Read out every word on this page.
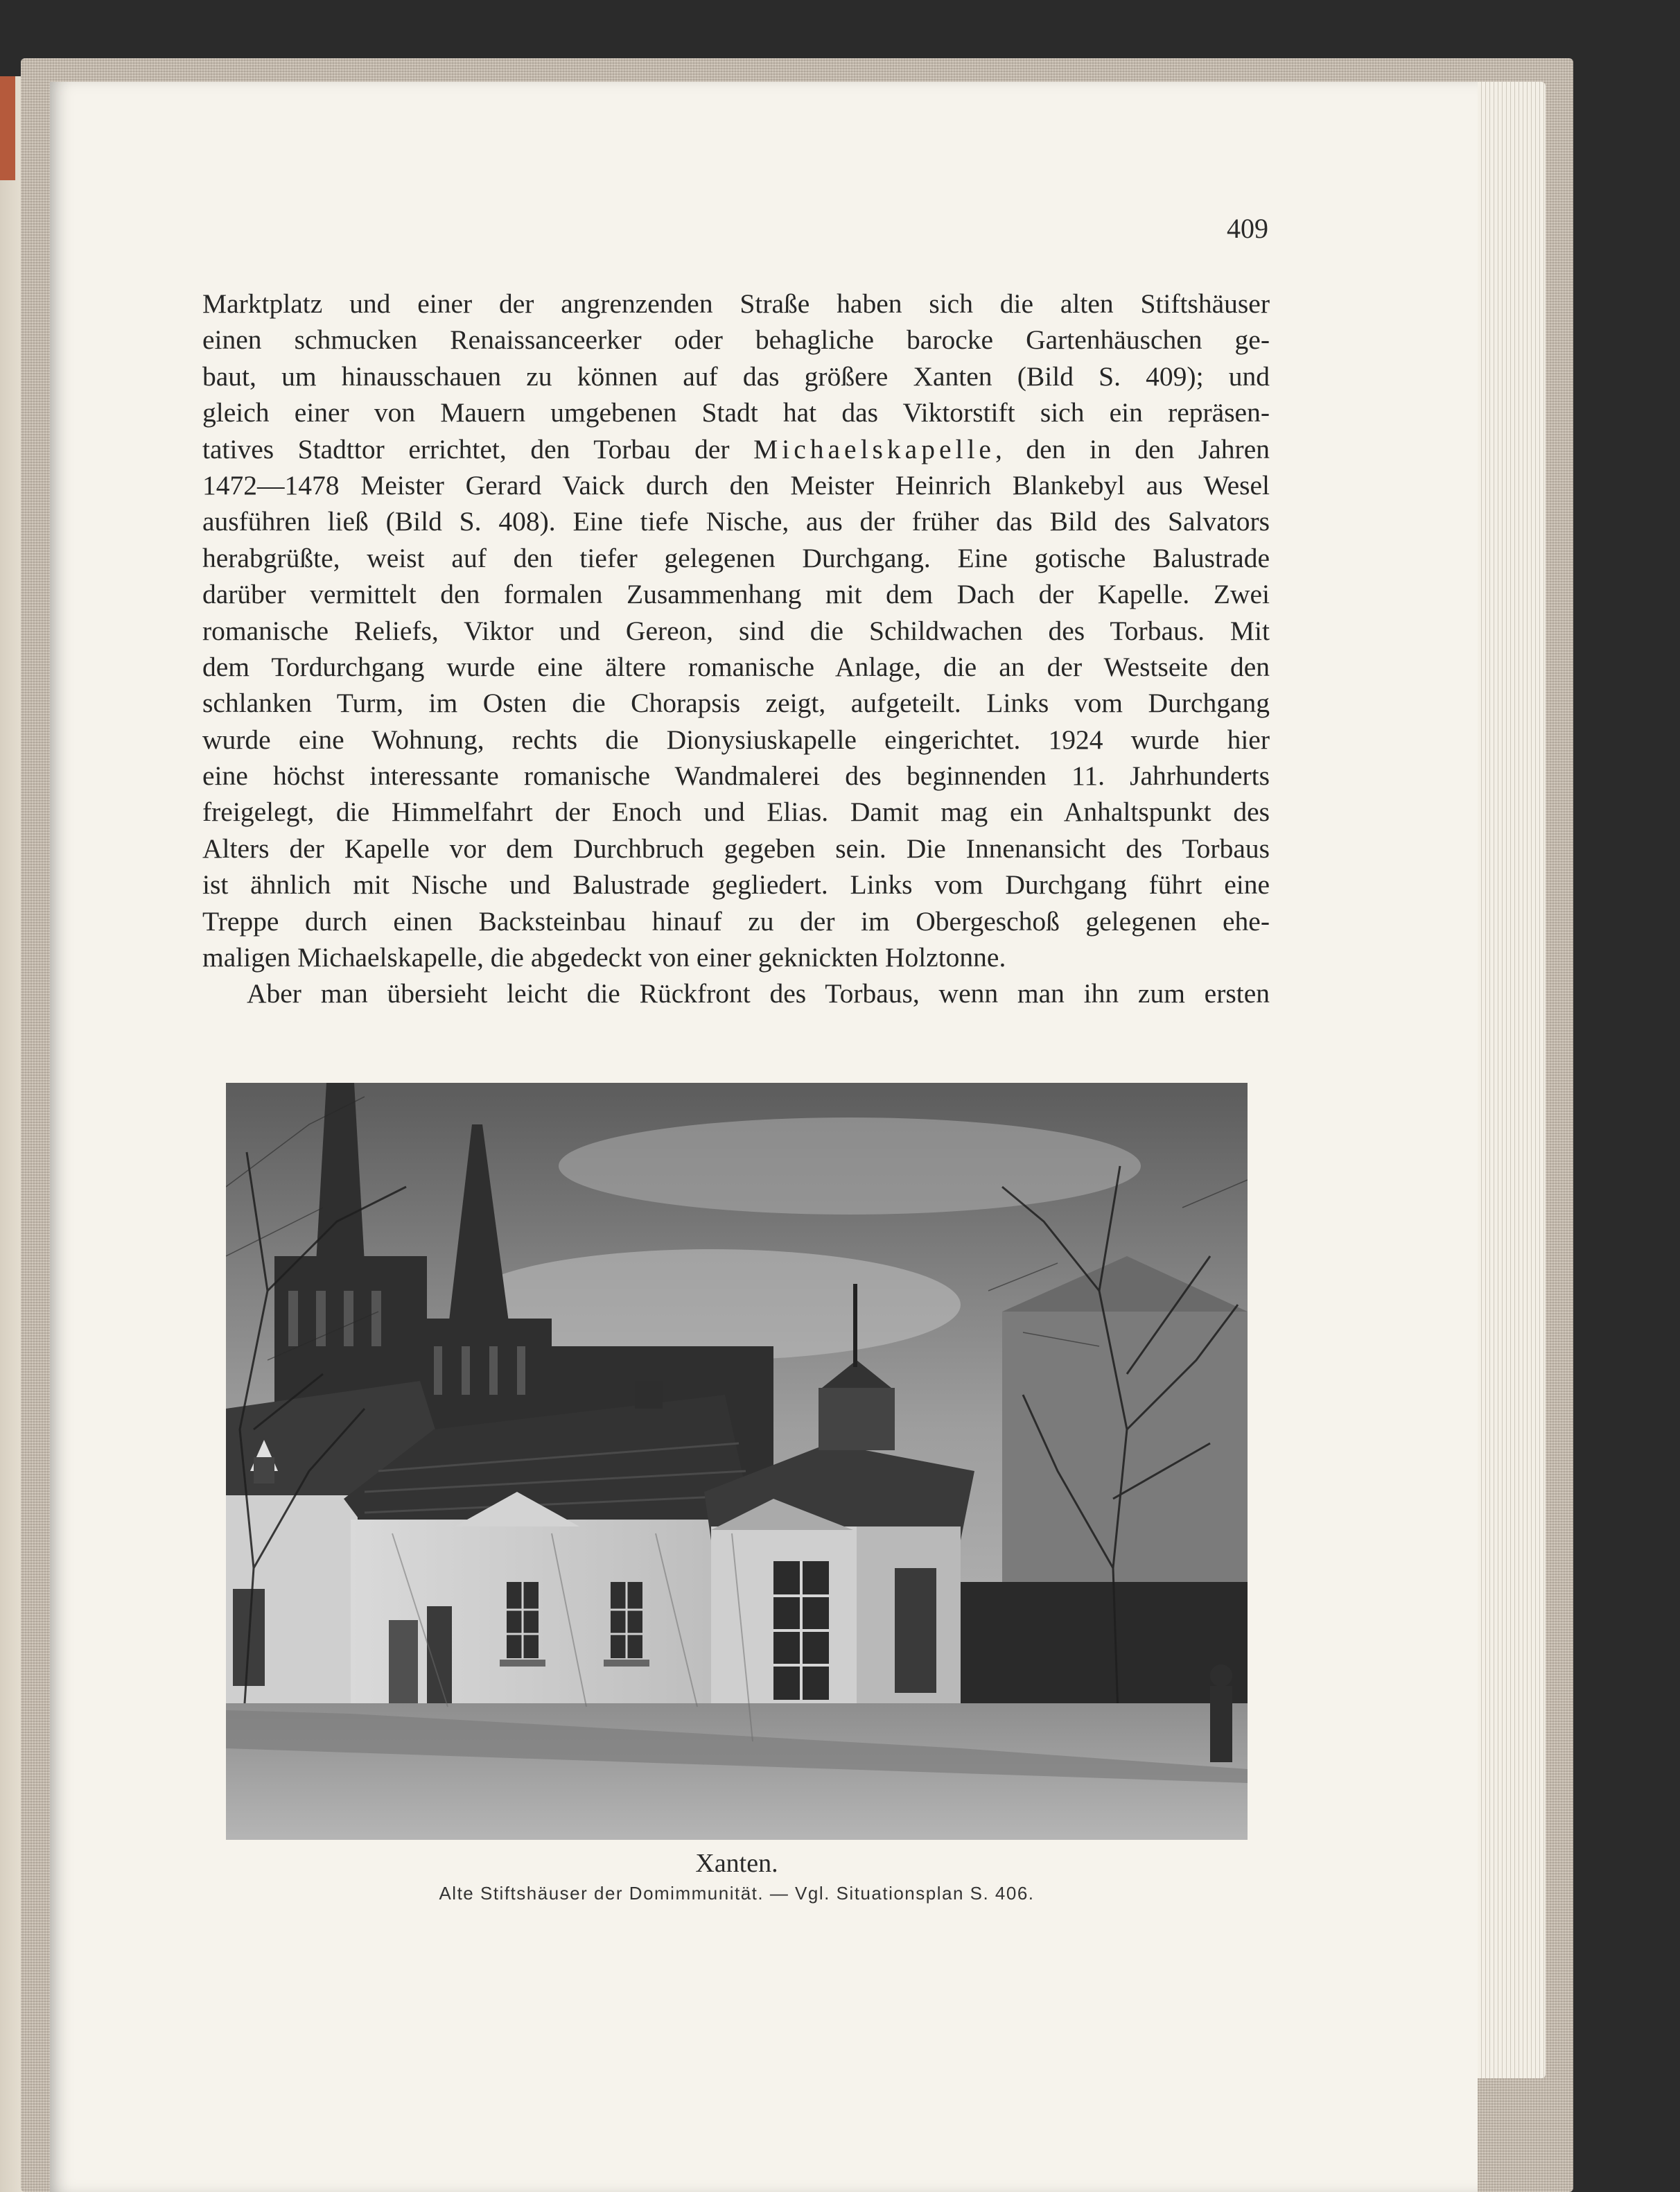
409
Marktplatz und einer der angrenzenden Straße haben sich die alten Stiftshäuser
einen schmucken Renaissanceerker oder behagliche barocke Gartenhäuschen ge-
baut, um hinausschauen zu können auf das größere Xanten (Bild S. 409); und
gleich einer von Mauern umgebenen Stadt hat das Viktorstift sich ein repräsen-
tatives Stadttor errichtet, den Torbau der Michaelskapelle, den in den Jahren
1472—1478 Meister Gerard Vaick durch den Meister Heinrich Blankebyl aus Wesel
ausführen ließ (Bild S. 408). Eine tiefe Nische, aus der früher das Bild des Salvators
herabgrüßte, weist auf den tiefer gelegenen Durchgang. Eine gotische Balustrade
darüber vermittelt den formalen Zusammenhang mit dem Dach der Kapelle. Zwei
romanische Reliefs, Viktor und Gereon, sind die Schildwachen des Torbaus. Mit
dem Tordurchgang wurde eine ältere romanische Anlage, die an der Westseite den
schlanken Turm, im Osten die Chorapsis zeigt, aufgeteilt. Links vom Durchgang
wurde eine Wohnung, rechts die Dionysiuskapelle eingerichtet. 1924 wurde hier
eine höchst interessante romanische Wandmalerei des beginnenden 11. Jahrhunderts
freigelegt, die Himmelfahrt der Enoch und Elias. Damit mag ein Anhaltspunkt des
Alters der Kapelle vor dem Durchbruch gegeben sein. Die Innenansicht des Torbaus
ist ähnlich mit Nische und Balustrade gegliedert. Links vom Durchgang führt eine
Treppe durch einen Backsteinbau hinauf zu der im Obergeschoß gelegenen ehe-
maligen Michaelskapelle, die abgedeckt von einer geknickten Holztonne.
Aber man übersieht leicht die Rückfront des Torbaus, wenn man ihn zum ersten
Xanten.
Alte Stiftshäuser der Domimmunität. — Vgl. Situationsplan S. 406.
